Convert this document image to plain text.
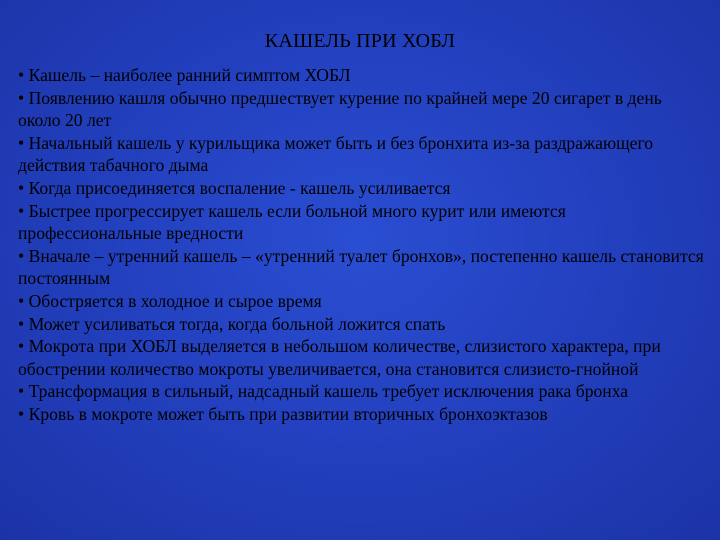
КАШЕЛЬ ПРИ ХОБЛ
• Кашель – наиболее ранний симптом ХОБЛ
• Появлению кашля обычно предшествует курение по крайней мере 20 сигарет в день около 20 лет
• Начальный кашель у курильщика может быть и без бронхита из-за раздражающего действия табачного дыма
• Когда присоединяется воспаление - кашель усиливается
• Быстрее прогрессирует кашель если больной много курит или имеются профессиональные вредности
• Вначале – утренний кашель – «утренний туалет бронхов», постепенно кашель становится постоянным
• Обостряется в холодное и сырое время
• Может усиливаться тогда, когда больной ложится спать
• Мокрота при ХОБЛ выделяется в небольшом количестве, слизистого характера, при обострении количество мокроты увеличивается, она становится слизисто-гнойной
• Трансформация в сильный, надсадный кашель требует исключения рака бронха
• Кровь в мокроте может быть при развитии вторичных бронхоэктазов
